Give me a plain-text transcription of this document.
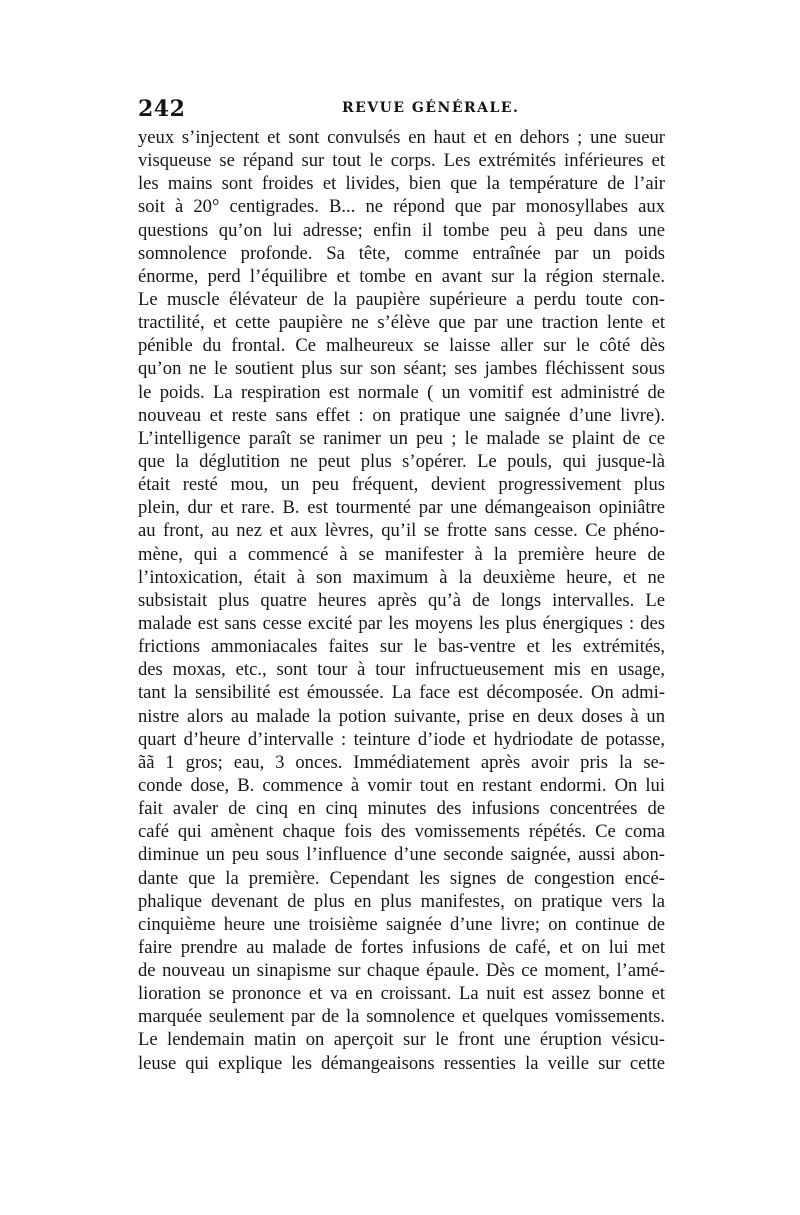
242	REVUE GÉNÉRALE.
yeux s’injectent et sont convulsés en haut et en dehors ; une sueur
visqueuse se répand sur tout le corps. Les extrémités inférieures et
les mains sont froides et livides, bien que la température de l’air
soit à 20° centigrades. B... ne répond que par monosyllabes aux
questions qu’on lui adresse; enfin il tombe peu à peu dans une
somnolence profonde. Sa tête, comme entraînée par un poids
énorme, perd l’équilibre et tombe en avant sur la région sternale.
Le muscle élévateur de la paupière supérieure a perdu toute con-
tractilité, et cette paupière ne s’élève que par une traction lente et
pénible du frontal. Ce malheureux se laisse aller sur le côté dès
qu’on ne le soutient plus sur son séant; ses jambes fléchissent sous
le poids. La respiration est normale ( un vomitif est administré de
nouveau et reste sans effet : on pratique une saignée d’une livre).
L’intelligence paraît se ranimer un peu ; le malade se plaint de ce
que la déglutition ne peut plus s’opérer. Le pouls, qui jusque-là
était resté mou, un peu fréquent, devient progressivement plus
plein, dur et rare. B. est tourmenté par une démangeaison opiniâtre
au front, au nez et aux lèvres, qu’il se frotte sans cesse. Ce phéno-
mène, qui a commencé à se manifester à la première heure de
l’intoxication, était à son maximum à la deuxième heure, et ne
subsistait plus quatre heures après qu’à de longs intervalles. Le
malade est sans cesse excité par les moyens les plus énergiques : des
frictions ammoniacales faites sur le bas-ventre et les extrémités,
des moxas, etc., sont tour à tour infructueusement mis en usage,
tant la sensibilité est émoussée. La face est décomposée. On admi-
nistre alors au malade la potion suivante, prise en deux doses à un
quart d’heure d’intervalle : teinture d’iode et hydriodate de potasse,
ãã 1 gros; eau, 3 onces. Immédiatement après avoir pris la se-
conde dose, B. commence à vomir tout en restant endormi. On lui
fait avaler de cinq en cinq minutes des infusions concentrées de
café qui amènent chaque fois des vomissements répétés. Ce coma
diminue un peu sous l’influence d’une seconde saignée, aussi abon-
dante que la première. Cependant les signes de congestion encé-
phalique devenant de plus en plus manifestes, on pratique vers la
cinquième heure une troisième saignée d’une livre; on continue de
faire prendre au malade de fortes infusions de café, et on lui met
de nouveau un sinapisme sur chaque épaule. Dès ce moment, l’amé-
lioration se prononce et va en croissant. La nuit est assez bonne et
marquée seulement par de la somnolence et quelques vomissements.
Le lendemain matin on aperçoit sur le front une éruption vésicu-
leuse qui explique les démangeaisons ressenties la veille sur cette
